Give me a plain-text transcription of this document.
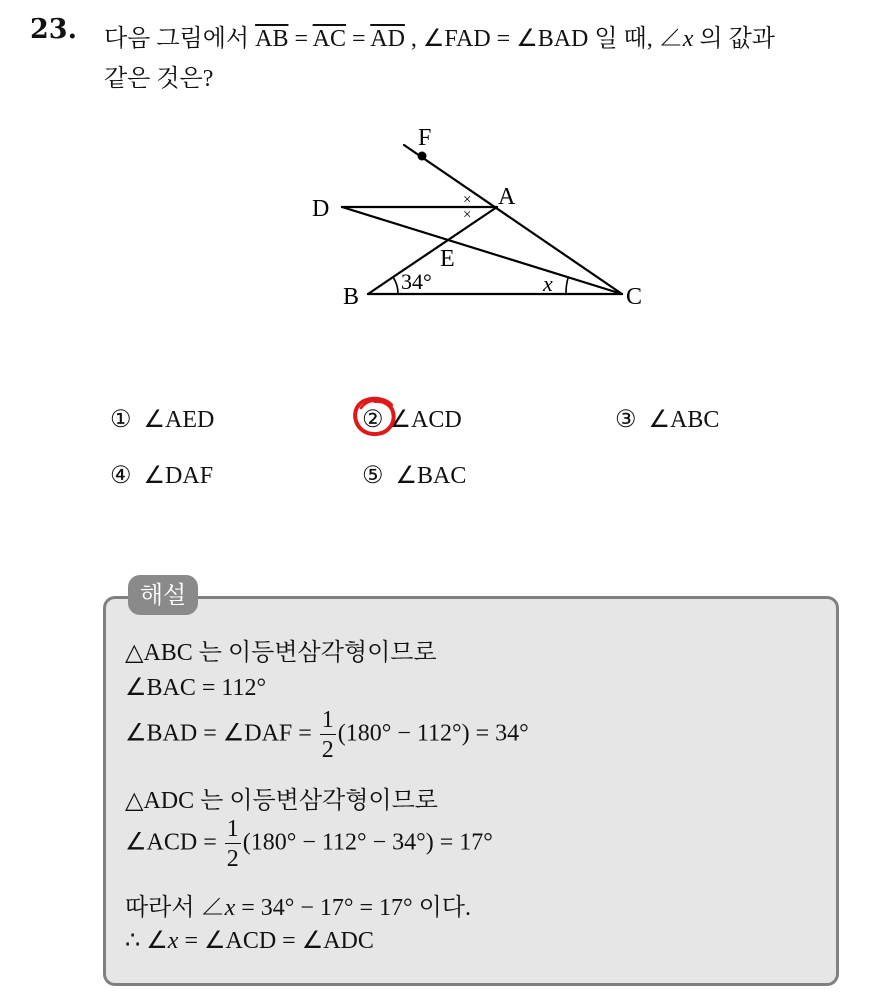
23. 다음 그림에서 $\overline{AB} = \overline{AC} = \overline{AD}$ , ∠FAD = ∠BAD 일 때, ∠x 의 값과
같은 것은?
F
A
D
E
B	C
34°	x
×
×
① ∠AED	② ∠ACD	③ ∠ABC
④ ∠DAF	⑤ ∠BAC
해설
△ABC 는 이등변삼각형이므로
∠BAC = 112°
∠BAD = ∠DAF = $\frac{1}{2} (180^\circ - 112^\circ) = 34^\circ$
△ADC 는 이등변삼각형이므로
∠ACD = $\frac{1}{2} (180^\circ - 112^\circ - 34^\circ) = 17^\circ$
따라서 ∠x = 34° − 17° = 17° 이다.
∴ ∠x = ∠ACD = ∠ADC
